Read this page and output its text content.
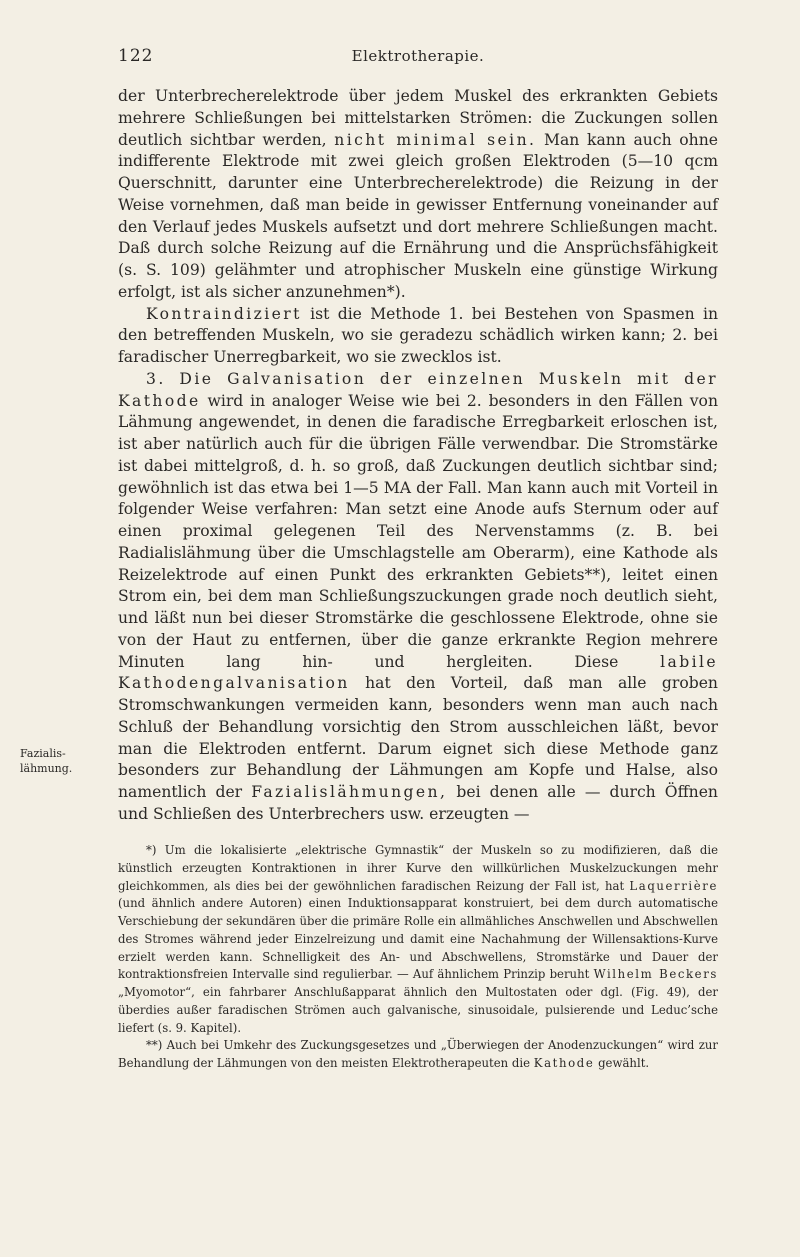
122	Elektrotherapie.
Fazialis-
lähmung.

der Unterbrecherelektrode über jedem Muskel des erkrankten Gebiets mehrere Schließungen bei mittelstarken Strömen: die Zuckungen sollen deutlich sichtbar werden, nicht minimal sein. Man kann auch ohne indifferente Elektrode mit zwei gleich großen Elektroden (5—10 qcm Querschnitt, darunter eine Unterbrecherelektrode) die Reizung in der Weise vornehmen, daß man beide in gewisser Entfernung voneinander auf den Verlauf jedes Muskels aufsetzt und dort mehrere Schließungen macht. Daß durch solche Reizung auf die Ernährung und die Ansprüchsfähigkeit (s. S. 109) gelähmter und atrophischer Muskeln eine günstige Wirkung erfolgt, ist als sicher anzunehmen*).

Kontraindiziert ist die Methode 1. bei Bestehen von Spasmen in den betreffenden Muskeln, wo sie geradezu schädlich wirken kann; 2. bei faradischer Unerregbarkeit, wo sie zwecklos ist.

3. Die Galvanisation der einzelnen Muskeln mit der Kathode wird in analoger Weise wie bei 2. besonders in den Fällen von Lähmung angewendet, in denen die faradische Erregbarkeit erloschen ist, ist aber natürlich auch für die übrigen Fälle verwendbar. Die Stromstärke ist dabei mittelgroß, d. h. so groß, daß Zuckungen deutlich sichtbar sind; gewöhnlich ist das etwa bei 1—5 MA der Fall. Man kann auch mit Vorteil in folgender Weise verfahren: Man setzt eine Anode aufs Sternum oder auf einen proximal gelegenen Teil des Nervenstamms (z. B. bei Radialislähmung über die Umschlagstelle am Oberarm), eine Kathode als Reizelektrode auf einen Punkt des erkrankten Gebiets**), leitet einen Strom ein, bei dem man Schließungszuckungen grade noch deutlich sieht, und läßt nun bei dieser Stromstärke die geschlossene Elektrode, ohne sie von der Haut zu entfernen, über die ganze erkrankte Region mehrere Minuten lang hin- und hergleiten. Diese	labile Kathodengalvanisation hat den Vorteil, daß man alle groben Stromschwankungen vermeiden kann, besonders wenn man auch nach Schluß der Behandlung vorsichtig den Strom ausschleichen läßt, bevor man die Elektroden entfernt. Darum eignet sich diese Methode ganz besonders zur Behandlung der Lähmungen am Kopfe und Halse, also namentlich der Fazialislähmungen, bei denen alle — durch Öffnen und Schließen des Unterbrechers usw. erzeugten —

*) Um die lokalisierte „elektrische Gymnastik“ der Muskeln so zu modifizieren, daß die künstlich erzeugten Kontraktionen in ihrer Kurve den willkürlichen Muskelzuckungen mehr gleichkommen, als dies bei der gewöhnlichen faradischen Reizung der Fall ist, hat Laquerrière (und ähnlich andere Autoren) einen Induktionsapparat konstruiert, bei dem durch automatische Verschiebung der sekundären über die primäre Rolle ein allmähliches Anschwellen und Abschwellen des Stromes während jeder Einzelreizung und damit eine Nachahmung der Willensaktions-Kurve erzielt werden kann. Schnelligkeit des An- und Abschwellens, Stromstärke und Dauer der kontraktionsfreien Intervalle sind regulierbar. — Auf ähnlichem Prinzip beruht Wilhelm Beckers „Myomotor“, ein fahrbarer Anschlußapparat ähnlich den Multostaten oder dgl. (Fig. 49), der überdies außer faradischen Strömen auch galvanische, sinusoidale, pulsierende und Leduc’sche liefert (s. 9. Kapitel).

**) Auch bei Umkehr des Zuckungsgesetzes und „Überwiegen der Anodenzuckungen“ wird zur Behandlung der Lähmungen von den meisten Elektrotherapeuten die Kathode gewählt.
